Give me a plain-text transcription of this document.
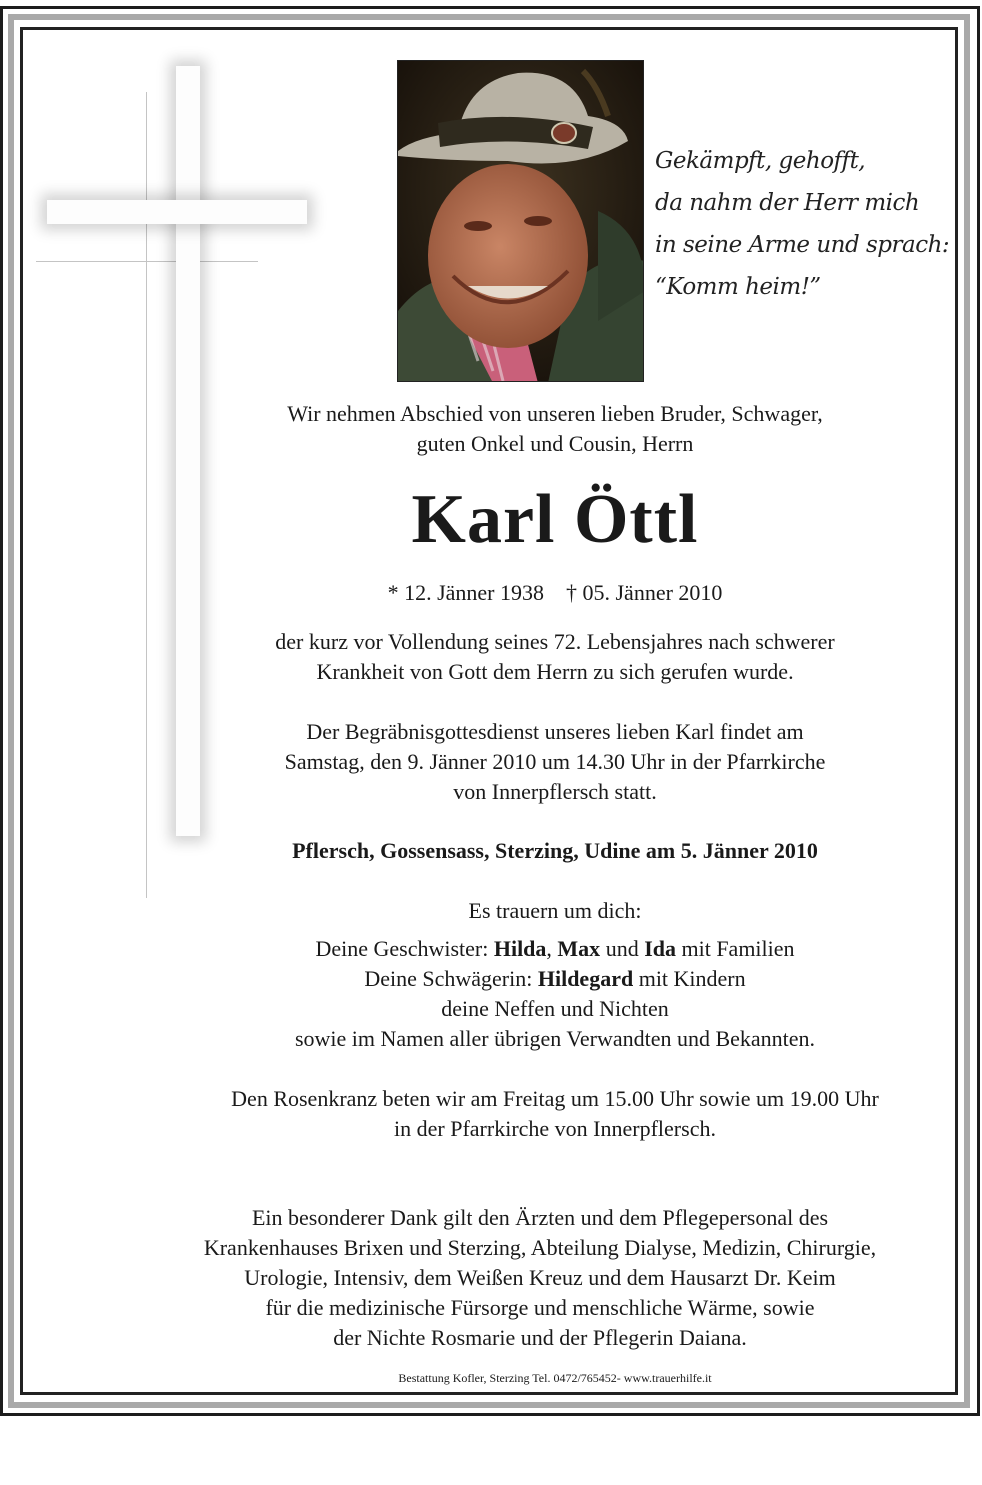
Gekämpft, gehofft,
da nahm der Herr mich
in seine Arme und sprach:
“Komm heim!”
Wir nehmen Abschied von unseren lieben Bruder, Schwager,
guten Onkel und Cousin, Herrn
Karl Öttl
* 12. Jänner 1938 † 05. Jänner 2010
der kurz vor Vollendung seines 72. Lebensjahres nach schwerer
Krankheit von Gott dem Herrn zu sich gerufen wurde.
Der Begräbnisgottesdienst unseres lieben Karl findet am
Samstag, den 9. Jänner 2010 um 14.30 Uhr in der Pfarrkirche
von Innerpflersch statt.
Pflersch, Gossensass, Sterzing, Udine am 5. Jänner 2010
Es trauern um dich:
Deine Geschwister: Hilda, Max und Ida mit Familien
Deine Schwägerin: Hildegard mit Kindern
deine Neffen und Nichten
sowie im Namen aller übrigen Verwandten und Bekannten.
Den Rosenkranz beten wir am Freitag um 15.00 Uhr sowie um 19.00 Uhr
in der Pfarrkirche von Innerpflersch.
Ein besonderer Dank gilt den Ärzten und dem Pflegepersonal des
Krankenhauses Brixen und Sterzing, Abteilung Dialyse, Medizin, Chirurgie,
Urologie, Intensiv, dem Weißen Kreuz und dem Hausarzt Dr. Keim
für die medizinische Fürsorge und menschliche Wärme, sowie
der Nichte Rosmarie und der Pflegerin Daiana.
Bestattung Kofler, Sterzing Tel. 0472/765452- www.trauerhilfe.it
